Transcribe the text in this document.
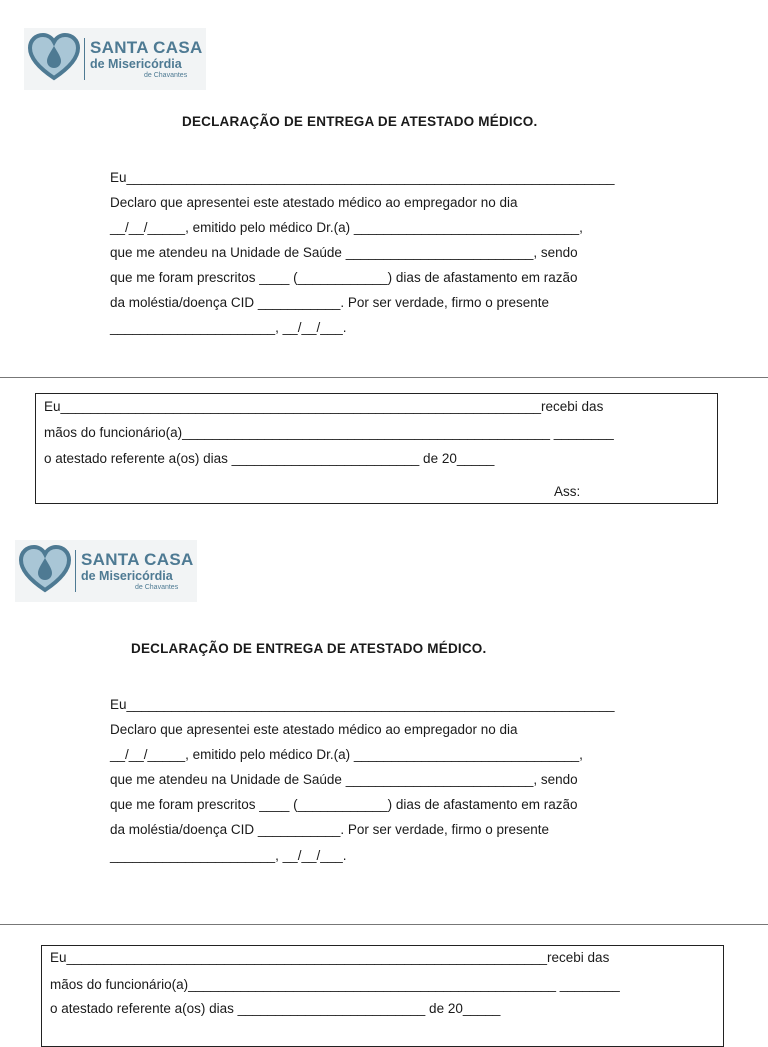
SANTA CASA
de Misericórdia
de Chavantes
DECLARAÇÃO DE ENTREGA DE ATESTADO MÉDICO.
Eu_________________________________________________________________
Declaro que apresentei este atestado médico ao empregador no dia
__/__/_____, emitido pelo médico Dr.(a) ______________________________,
que me atendeu na Unidade de Saúde _________________________, sendo
que me foram prescritos ____ (____________) dias de afastamento em razão
da moléstia/doença CID ___________. Por ser verdade, firmo o presente
______________________, __/__/___.
Eu________________________________________________________________recebi das
mãos do funcionário(a)_________________________________________________ ________
o atestado referente a(os) dias _________________________ de 20_____
Ass:
SANTA CASA
de Misericórdia
de Chavantes
DECLARAÇÃO DE ENTREGA DE ATESTADO MÉDICO.
Eu_________________________________________________________________
Declaro que apresentei este atestado médico ao empregador no dia
__/__/_____, emitido pelo médico Dr.(a) ______________________________,
que me atendeu na Unidade de Saúde _________________________, sendo
que me foram prescritos ____ (____________) dias de afastamento em razão
da moléstia/doença CID ___________. Por ser verdade, firmo o presente
______________________, __/__/___.
Eu________________________________________________________________recebi das
mãos do funcionário(a)_________________________________________________ ________
o atestado referente a(os) dias _________________________ de 20_____
